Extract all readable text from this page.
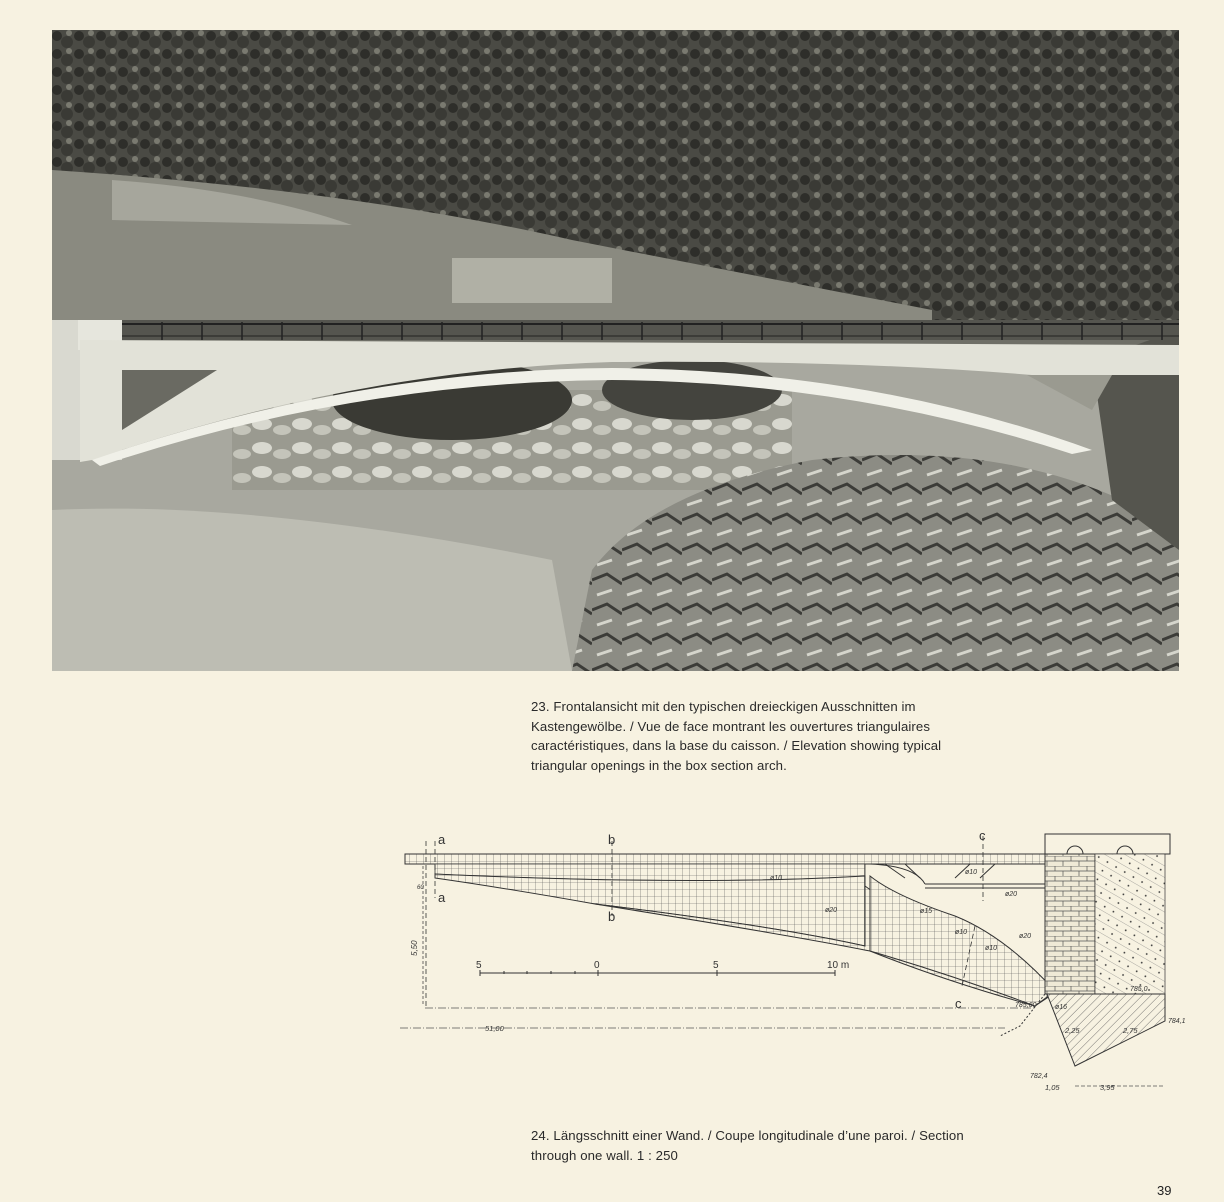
23. Frontalansicht mit den typischen dreieckigen Ausschnitten im Kastengewölbe. / Vue de face montrant les ouvertures triangulaires caractéristiques, dans la base du caisson. / Elevation showing typical triangular openings in the box section arch.
a
a
b
b
c
c
ø10
ø20	ø15
ø10
ø10
ø20
ø10
ø20
ø16
785,60
785,0
784,1
782,4
5,50
51,00	2,25	2,75
1,05	3,95
60
5	0	5	10 m
24. Längsschnitt einer Wand. / Coupe longitudinale d’une paroi. / Section through one wall. 1 : 250
39
